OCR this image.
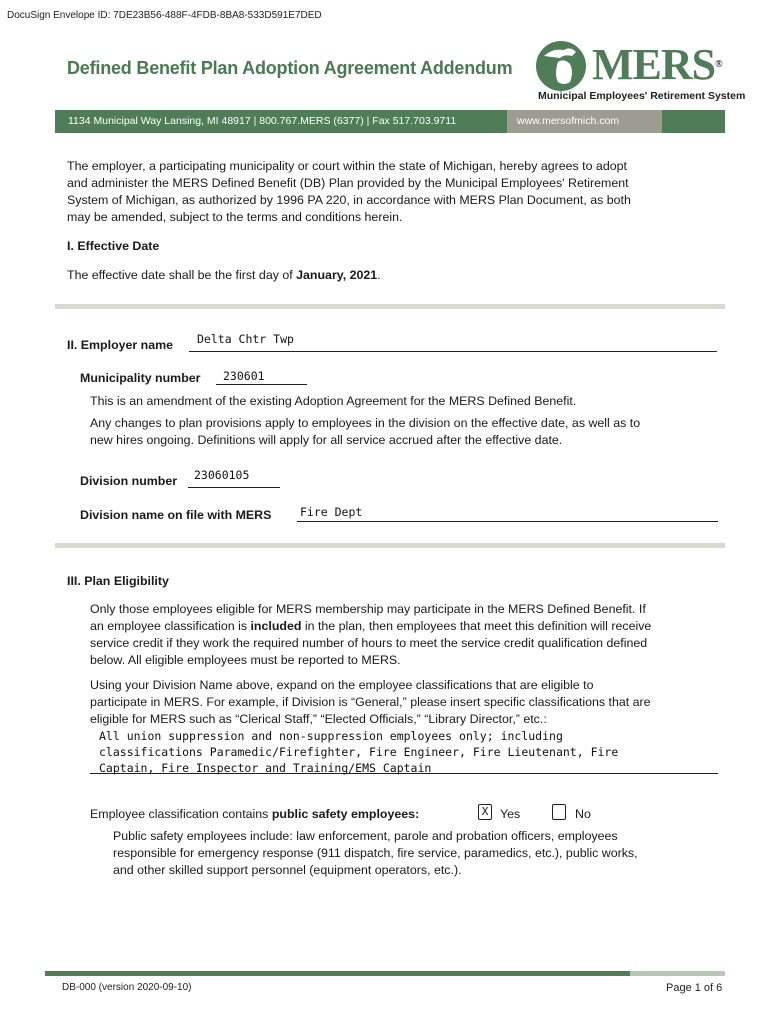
DocuSign Envelope ID: 7DE23B56-488F-4FDB-8BA8-533D591E7DED
Defined Benefit Plan Adoption Agreement Addendum MERS®
Municipal Employees' Retirement System
1134 Municipal Way Lansing, MI 48917 | 800.767.MERS (6377) | Fax 517.703.9711	www.mersofmich.com
The employer, a participating municipality or court within the state of Michigan, hereby agrees to adopt
and administer the MERS Defined Benefit (DB) Plan provided by the Municipal Employees' Retirement
System of Michigan, as authorized by 1996 PA 220, in accordance with MERS Plan Document, as both
may be amended, subject to the terms and conditions herein.
I. Effective Date
The effective date shall be the first day of January, 2021.
II. Employer name Delta Chtr Twp
Municipality number 230601
This is an amendment of the existing Adoption Agreement for the MERS Defined Benefit.
Any changes to plan provisions apply to employees in the division on the effective date, as well as to
new hires ongoing. Definitions will apply for all service accrued after the effective date.
Division number 23060105
Division name on file with MERS Fire Dept
III. Plan Eligibility
Only those employees eligible for MERS membership may participate in the MERS Defined Benefit. If
an employee classification is included in the plan, then employees that meet this definition will receive
service credit if they work the required number of hours to meet the service credit qualification defined
below. All eligible employees must be reported to MERS.
Using your Division Name above, expand on the employee classifications that are eligible to
participate in MERS. For example, if Division is “General,” please insert specific classifications that are
eligible for MERS such as “Clerical Staff,” “Elected Officials,” “Library Director,” etc.:
All union suppression and non-suppression employees only; including
classifications Paramedic/Firefighter, Fire Engineer, Fire Lieutenant, Fire
Captain, Fire Inspector and Training/EMS Captain
Employee classification contains public safety employees:	X Yes	No
Public safety employees include: law enforcement, parole and probation officers, employees
responsible for emergency response (911 dispatch, fire service, paramedics, etc.), public works,
and other skilled support personnel (equipment operators, etc.).
DB-000 (version 2020-09-10)	Page 1 of 6
